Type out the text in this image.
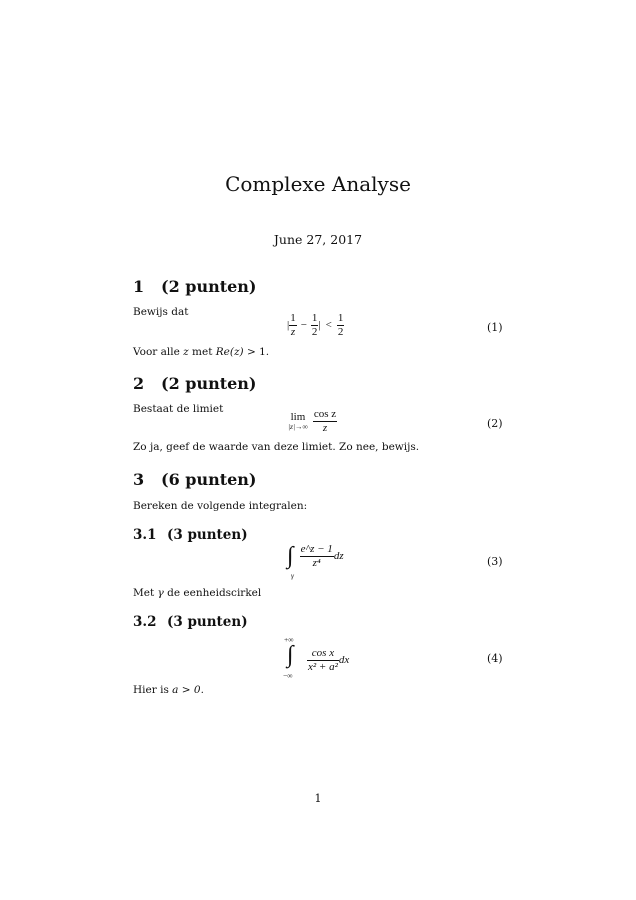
Complexe Analyse
June 27, 2017
1 (2 punten)
Bewijs dat
| $\frac{1}{z} - \frac{1}{2}$ | < $\frac{1}{2}$	(1)
Voor alle z met Re(z) > 1.
2 (2 punten)
Bestaat de limiet
lim
$|z|\to\infty \frac{\text{cos z}}{z}$	(2)
Zo ja, geef de waarde van deze limiet. Zo nee, bewijs.
3 (6 punten)
Bereken de volgende integralen:
3.1 (3 punten)
∫
γ
$\frac{e\^{}z - 1}{\text{z⁴}}$ dz	(3)
Met γ de eenheidscirkel
3.2 (3 punten)
+∞
∫
−∞
$\frac{\text{cos x}}{\text{x² + a²}}$ dx	(4)
Hier is a > 0.
1
